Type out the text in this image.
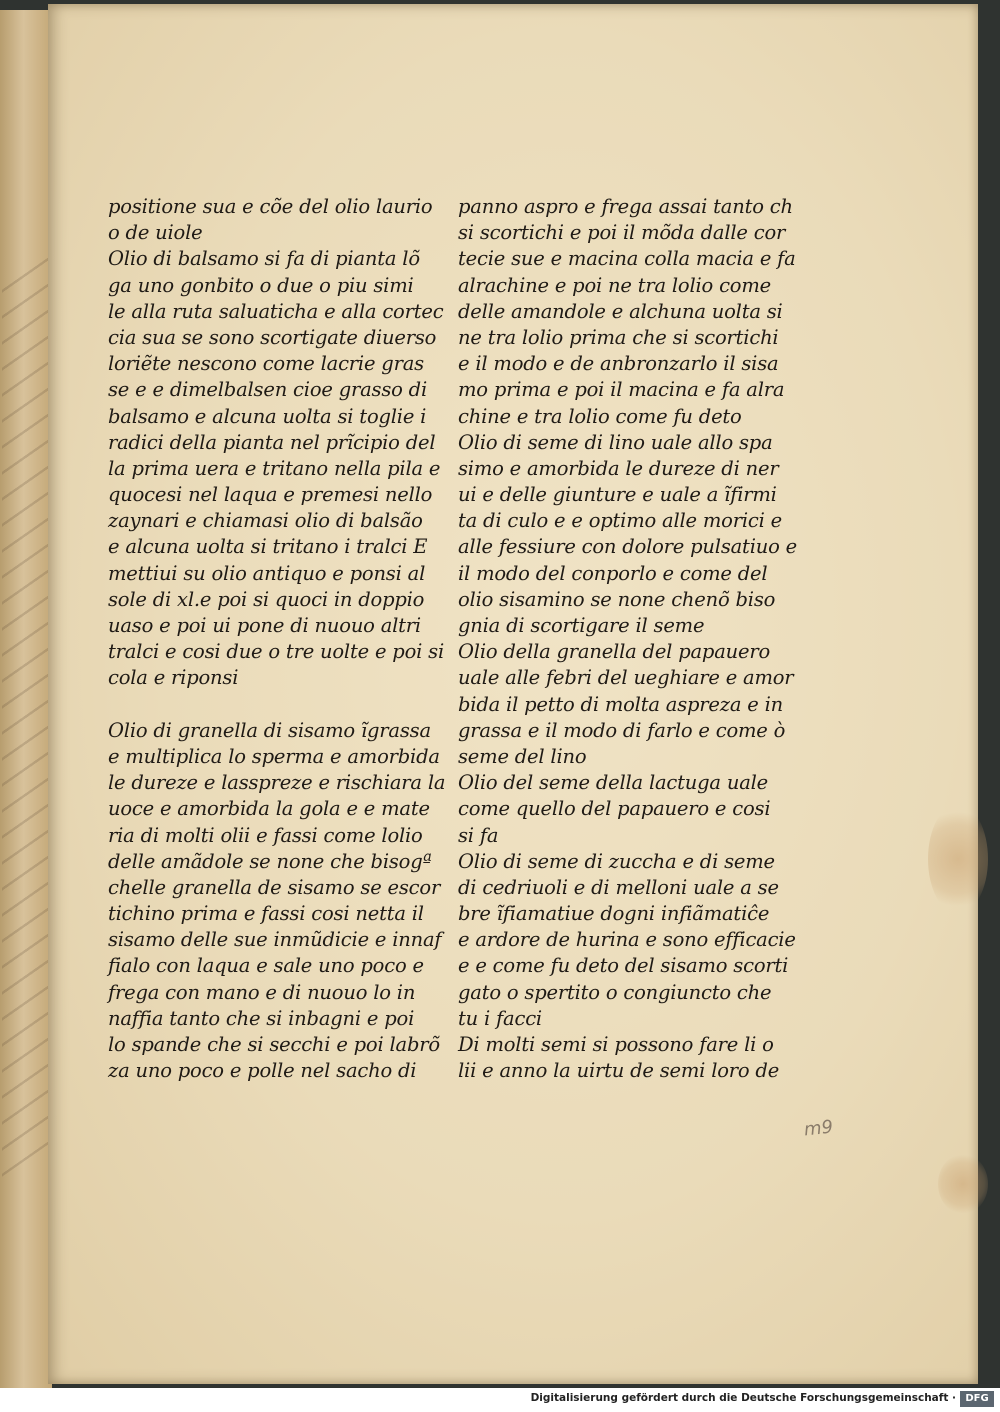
positione sua e cõe del olio laurio
o de uiole
Olio di balsamo si fa di pianta lõ
ga uno gonbito o due o piu simi
le alla ruta saluaticha e alla cortec
cia sua se sono scortigate diuerso
loriẽte nescono come lacrie gras
se e e dimelbalsen cioe grasso di
balsamo e alcuna uolta si toglie i
radici della pianta nel prĩcipio del
la prima uera e tritano nella pila e
quocesi nel laqua e premesi nello
zaynari e chiamasi olio di balsão
e alcuna uolta si tritano i tralci E
mettiui su olio antiquo e ponsi al
sole di xl.e poi si quoci in doppio
uaso e poi ui pone di nuouo altri
tralci e cosi due o tre uolte e poi si
cola e riponsi
Olio di granella di sisamo ĩgrassa
e multiplica lo sperma e amorbida
le dureze e lasspreze e rischiara la
uoce e amorbida la gola e e mate
ria di molti olii e fassi come lolio
delle amãdole se none che bisogª
chelle granella de sisamo se escor
tichino prima e fassi cosi netta il
sisamo delle sue inmũdicie e innaf
fialo con laqua e sale uno poco e
frega con mano e di nuouo lo in
naffia tanto che si inbagni e poi
lo spande che si secchi e poi labrõ
za uno poco e polle nel sacho di
panno aspro e frega assai tanto ch
si scortichi e poi il mõda dalle cor
tecie sue e macina colla macia e fa
alrachine e poi ne tra lolio come
delle amandole e alchuna uolta si
ne tra lolio prima che si scortichi
e il modo e de anbronzarlo il sisa
mo prima e poi il macina e fa alra
chine e tra lolio come fu deto
Olio di seme di lino uale allo spa
simo e amorbida le dureze di ner
ui e delle giunture e uale a ĩfirmi
ta di culo e e optimo alle morici e
alle fessiure con dolore pulsatiuo e
il modo del conporlo e come del
olio sisamino se none chenõ biso
gnia di scortigare il seme
Olio della granella del papauero
uale alle febri del ueghiare e amor
bida il petto di molta aspreza e in
grassa e il modo di farlo e come ò
seme del lino
Olio del seme della lactuga uale
come quello del papauero e cosi
si fa
Olio di seme di zuccha e di seme
di cedriuoli e di melloni uale a se
bre ĩfiamatiue dogni infiãmatiĉe
e ardore de hurina e sono efficacie
e e come fu deto del sisamo scorti
gato o spertito o congiuncto che
tu i facci
Di molti semi si possono fare li o
lii e anno la uirtu de semi loro de
m9
Digitalisierung gefördert durch die Deutsche Forschungsgemeinschaft · DFG
